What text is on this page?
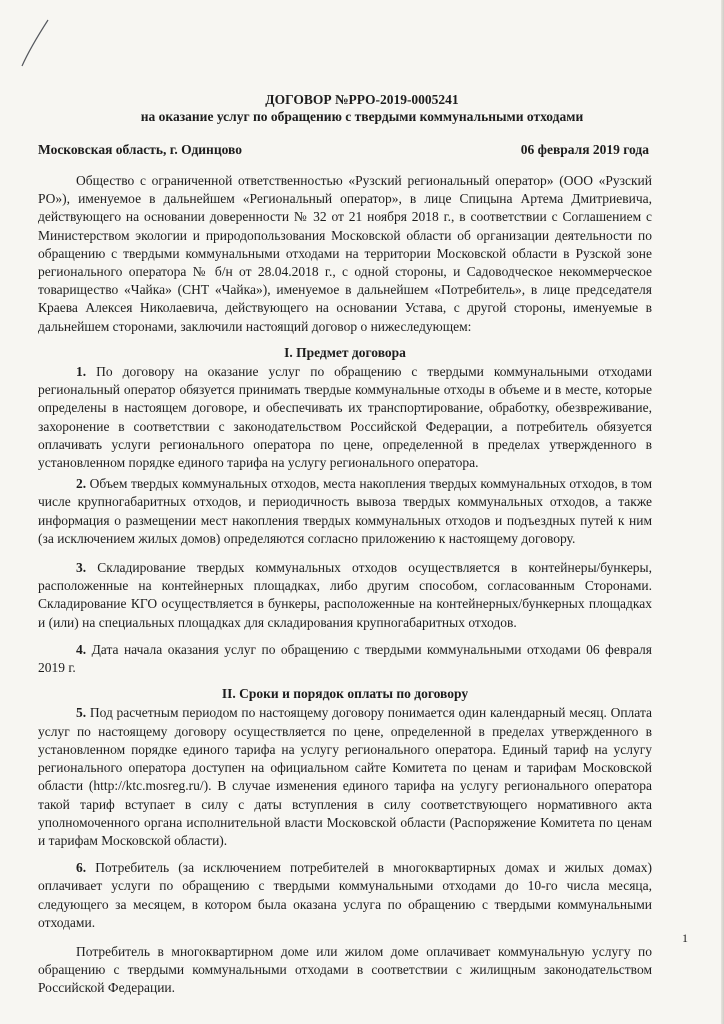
ДОГОВОР №РРО-2019-0005241
на оказание услуг по обращению с твердыми коммунальными отходами
Московская область, г. Одинцово	06 февраля 2019 года

Общество с ограниченной ответственностью «Рузский региональный оператор» (ООО «Рузский РО»), именуемое в дальнейшем «Региональный оператор», в лице Спицына Артема Дмитриевича, действующего на основании доверенности № 32 от 21 ноября 2018 г., в соответствии с Соглашением с Министерством экологии и природопользования Московской области об организации деятельности по обращению с твердыми коммунальными отходами на территории Московской области в Рузской зоне регионального оператора № б/н от 28.04.2018 г., с одной стороны, и Садоводческое некоммерческое товарищество «Чайка» (СНТ «Чайка»), именуемое в дальнейшем «Потребитель», в лице председателя Краева Алексея Николаевича, действующего на основании Устава, с другой стороны, именуемые в дальнейшем сторонами, заключили настоящий договор о нижеследующем:

I. Предмет договора

1. По договору на оказание услуг по обращению с твердыми коммунальными отходами региональный оператор обязуется принимать твердые коммунальные отходы в объеме и в месте, которые определены в настоящем договоре, и обеспечивать их транспортирование, обработку, обезвреживание, захоронение в соответствии с законодательством Российской Федерации, а потребитель обязуется оплачивать услуги регионального оператора по цене, определенной в пределах утвержденного в установленном порядке единого тарифа на услугу регионального оператора.

2. Объем твердых коммунальных отходов, места накопления твердых коммунальных отходов, в том числе крупногабаритных отходов, и периодичность вывоза твердых коммунальных отходов, а также информация о размещении мест накопления твердых коммунальных отходов и подъездных путей к ним (за исключением жилых домов) определяются согласно приложению к настоящему договору.

3. Складирование твердых коммунальных отходов осуществляется в контейнеры/бункеры, расположенные на контейнерных площадках, либо другим способом, согласованным Сторонами. Складирование КГО осуществляется в бункеры, расположенные на контейнерных/бункерных площадках и (или) на специальных площадках для складирования крупногабаритных отходов.

4. Дата начала оказания услуг по обращению с твердыми коммунальными отходами 06 февраля 2019 г.

II. Сроки и порядок оплаты по договору

5. Под расчетным периодом по настоящему договору понимается один календарный месяц. Оплата услуг по настоящему договору осуществляется по цене, определенной в пределах утвержденного в установленном порядке единого тарифа на услугу регионального оператора. Единый тариф на услугу регионального оператора доступен на официальном сайте Комитета по ценам и тарифам Московской области (http://ktc.mosreg.ru/). В случае изменения единого тарифа на услугу регионального оператора такой тариф вступает в силу с даты вступления в силу соответствующего нормативного акта уполномоченного органа исполнительной власти Московской области (Распоряжение Комитета по ценам и тарифам Московской области).

6. Потребитель (за исключением потребителей в многоквартирных домах и жилых домах) оплачивает услуги по обращению с твердыми коммунальными отходами до 10-го числа месяца, следующего за месяцем, в котором была оказана услуга по обращению с твердыми коммунальными отходами.

Потребитель в многоквартирном доме или жилом доме оплачивает коммунальную услугу по обращению с твердыми коммунальными отходами в соответствии с жилищным законодательством Российской Федерации.

1
